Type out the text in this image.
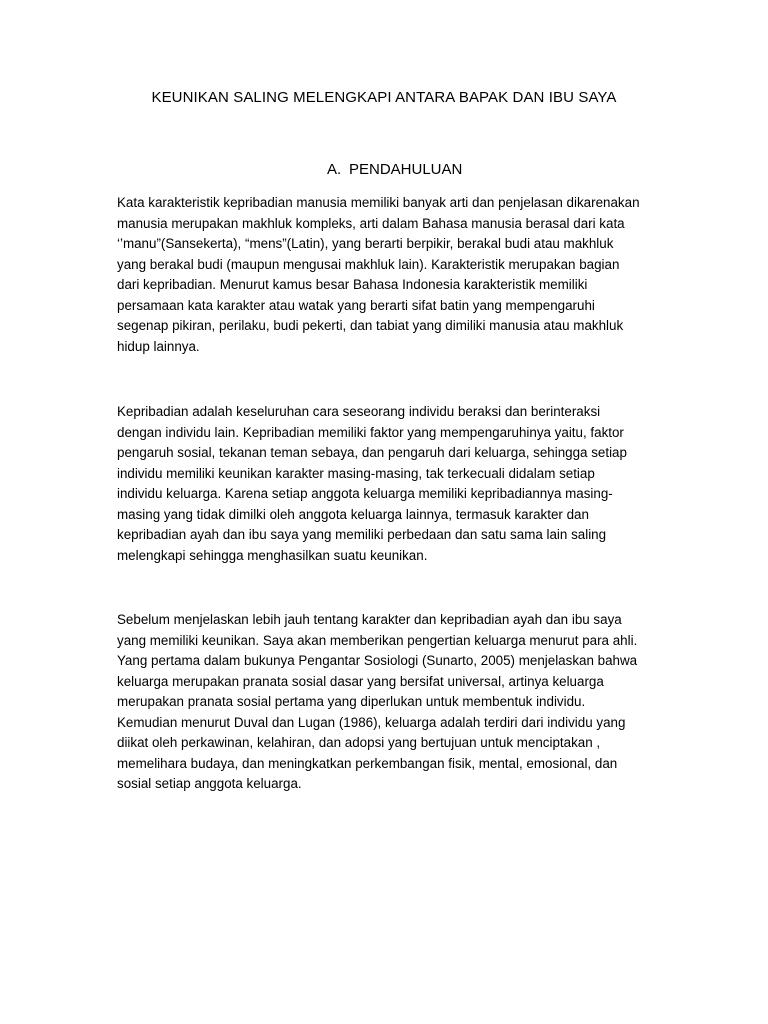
KEUNIKAN SALING MELENGKAPI ANTARA BAPAK DAN IBU SAYA
A. PENDAHULUAN
Kata karakteristik kepribadian manusia memiliki banyak arti dan penjelasan dikarenakan
manusia merupakan makhluk kompleks, arti dalam Bahasa manusia berasal dari kata
‘’manu”(Sansekerta), “mens”(Latin), yang berarti berpikir, berakal budi atau makhluk
yang berakal budi (maupun mengusai makhluk lain). Karakteristik merupakan bagian
dari kepribadian. Menurut kamus besar Bahasa Indonesia karakteristik memiliki
persamaan kata karakter atau watak yang berarti sifat batin yang mempengaruhi
segenap pikiran, perilaku, budi pekerti, dan tabiat yang dimiliki manusia atau makhluk
hidup lainnya.
Kepribadian adalah keseluruhan cara seseorang individu beraksi dan berinteraksi
dengan individu lain. Kepribadian memiliki faktor yang mempengaruhinya yaitu, faktor
pengaruh sosial, tekanan teman sebaya, dan pengaruh dari keluarga, sehingga setiap
individu memiliki keunikan karakter masing-masing, tak terkecuali didalam setiap
individu keluarga. Karena setiap anggota keluarga memiliki kepribadiannya masing-
masing yang tidak dimilki oleh anggota keluarga lainnya, termasuk karakter dan
kepribadian ayah dan ibu saya yang memiliki perbedaan dan satu sama lain saling
melengkapi sehingga menghasilkan suatu keunikan.
Sebelum menjelaskan lebih jauh tentang karakter dan kepribadian ayah dan ibu saya
yang memiliki keunikan. Saya akan memberikan pengertian keluarga menurut para ahli.
Yang pertama dalam bukunya Pengantar Sosiologi (Sunarto, 2005) menjelaskan bahwa
keluarga merupakan pranata sosial dasar yang bersifat universal, artinya keluarga
merupakan pranata sosial pertama yang diperlukan untuk membentuk individu.
Kemudian menurut Duval dan Lugan (1986), keluarga adalah terdiri dari individu yang
diikat oleh perkawinan, kelahiran, dan adopsi yang bertujuan untuk menciptakan ,
memelihara budaya, dan meningkatkan perkembangan fisik, mental, emosional, dan
sosial setiap anggota keluarga.
